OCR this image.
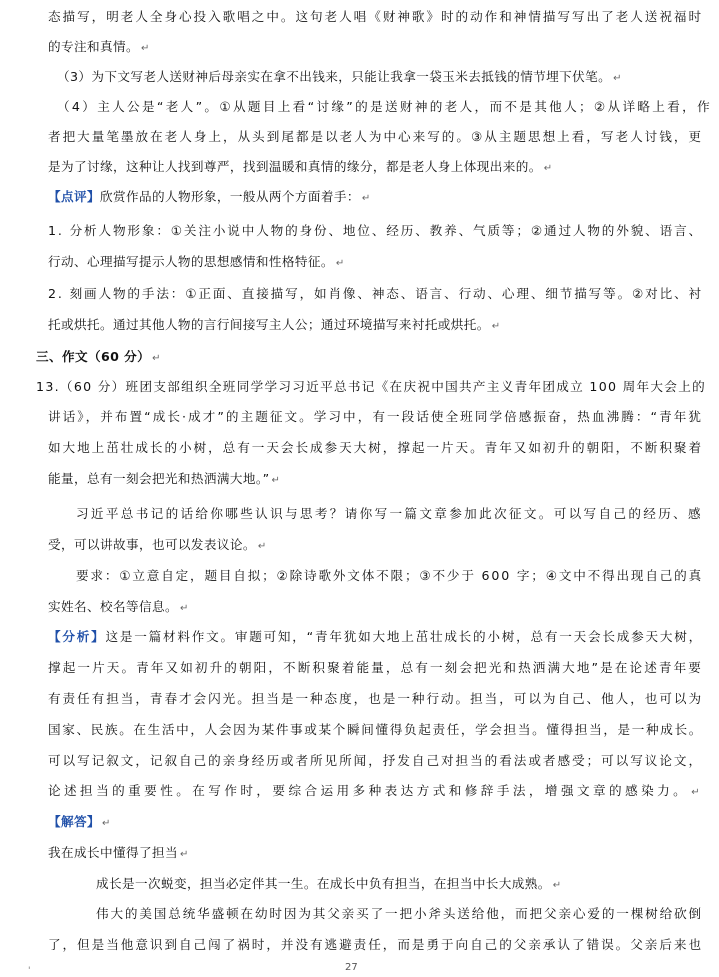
态描写，明老人全身心投入歌唱之中。这句老人唱《财神歌》时的动作和神情描写写出了老人送祝福时
的专注和真情。 ↵
（3）为下文写老人送财神后母亲实在拿不出钱来，只能让我拿一袋玉米去抵钱的情节埋下伏笔。 ↵
（4）主人公是“老人”。①从题目上看“讨缘”的是送财神的老人，而不是其他人；②从详略上看，作
者把大量笔墨放在老人身上，从头到尾都是以老人为中心来写的。③从主题思想上看，写老人讨钱，更
是为了讨缘，这种让人找到尊严，找到温暖和真情的缘分，都是老人身上体现出来的。 ↵
【点评】欣赏作品的人物形象，一般从两个方面着手： ↵
1. 分析人物形象：①关注小说中人物的身份、地位、经历、教养、气质等；②通过人物的外貌、语言、
行动、心理描写提示人物的思想感情和性格特征。 ↵
2. 刻画人物的手法：①正面、直接描写，如肖像、神态、语言、行动、心理、细节描写等。②对比、衬
托或烘托。通过其他人物的言行间接写主人公；通过环境描写来衬托或烘托。 ↵
三、作文（60 分） ↵
13.（60 分）班团支部组织全班同学学习习近平总书记《在庆祝中国共产主义青年团成立 100 周年大会上的
讲话》，并布置“成长·成才”的主题征文。学习中，有一段话使全班同学倍感振奋，热血沸腾：“青年犹
如大地上茁壮成长的小树，总有一天会长成参天大树，撑起一片天。青年又如初升的朝阳，不断积聚着
能量，总有一刻会把光和热洒满大地。” ↵
习近平总书记的话给你哪些认识与思考？请你写一篇文章参加此次征文。可以写自己的经历、感
受，可以讲故事，也可以发表议论。 ↵
要求：①立意自定，题目自拟；②除诗歌外文体不限；③不少于 600 字；④文中不得出现自己的真
实姓名、校名等信息。 ↵
【分析】这是一篇材料作文。审题可知，“青年犹如大地上茁壮成长的小树，总有一天会长成参天大树，
撑起一片天。青年又如初升的朝阳，不断积聚着能量，总有一刻会把光和热洒满大地”是在论述青年要
有责任有担当，青春才会闪光。担当是一种态度，也是一种行动。担当，可以为自己、他人，也可以为
国家、民族。在生活中，人会因为某件事或某个瞬间懂得负起责任，学会担当。懂得担当，是一种成长。
可以写记叙文，记叙自己的亲身经历或者所见所闻，抒发自己对担当的看法或者感受；可以写议论文，
论述担当的重要性。在写作时，要综合运用多种表达方式和修辞手法，增强文章的感染力。 ↵
【解答】 ↵
我在成长中懂得了担当 ↵
成长是一次蜕变，担当必定伴其一生。在成长中负有担当，在担当中长大成熟。 ↵
伟大的美国总统华盛顿在幼时因为其父亲买了一把小斧头送给他，而把父亲心爱的一棵树给砍倒
了，但是当他意识到自己闯了祸时，并没有逃避责任，而是勇于向自己的父亲承认了错误。父亲后来也
'	27
